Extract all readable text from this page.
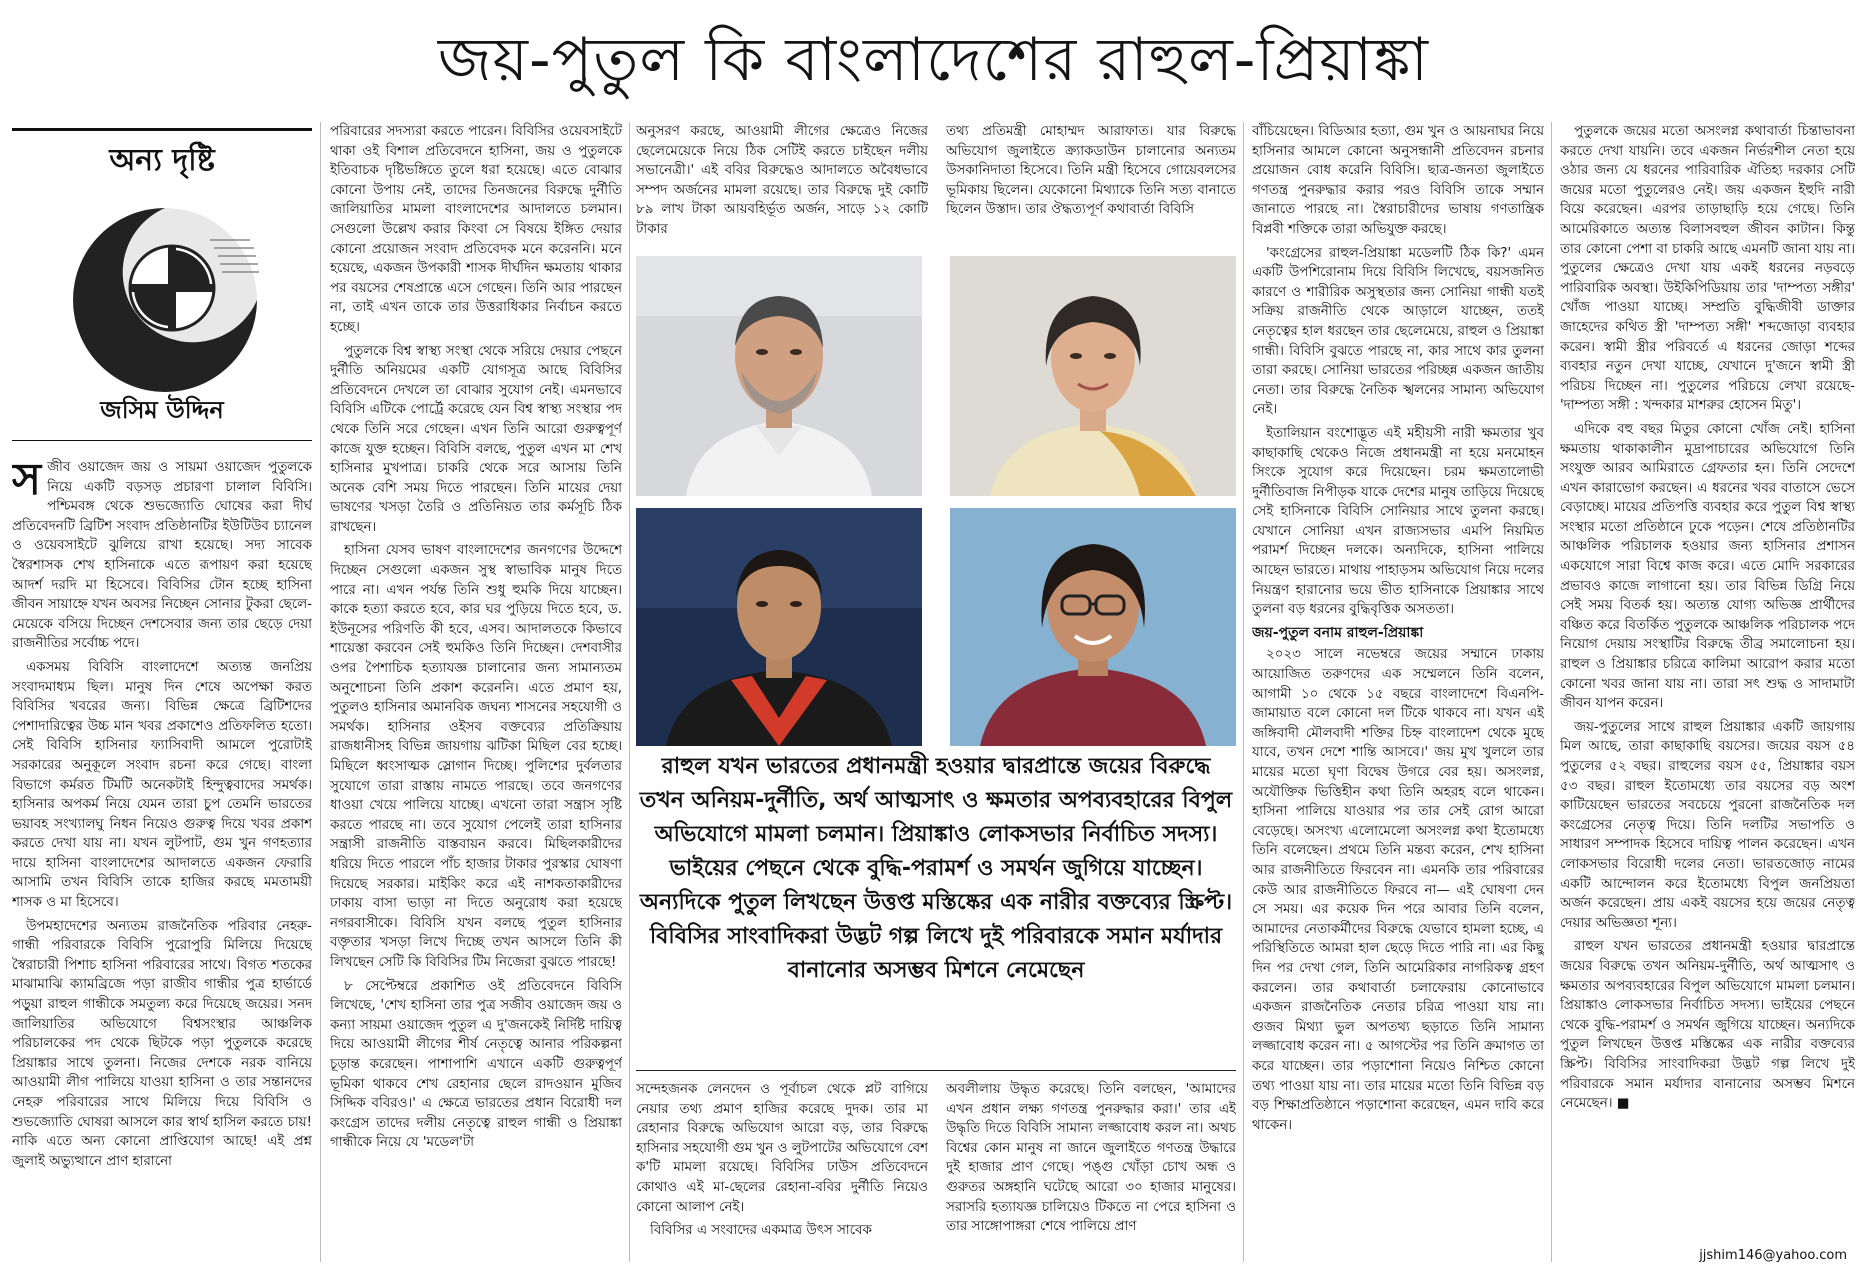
জয়-পুতুল কি বাংলাদেশের রাহুল-প্রিয়াঙ্কা
অন্য দৃষ্টি
জসিম উদ্দিন

সজীব ওয়াজেদ জয় ও সায়মা ওয়াজেদ পুতুলকে নিয়ে একটি বড়সড় প্রচারণা চালাল বিবিসি। পশ্চিমবঙ্গ থেকে শুভজ্যোতি ঘোষের করা দীর্ঘ প্রতিবেদনটি ব্রিটিশ সংবাদ প্রতিষ্ঠানটির ইউটিউব চ্যানেল ও ওয়েবসাইটে ঝুলিয়ে রাখা হয়েছে। সদ্য সাবেক স্বৈরশাসক শেখ হাসিনাকে এতে রূপায়ণ করা হয়েছে আদর্শ দরদি মা হিসেবে। বিবিসির টোন হচ্ছে হাসিনা জীবন সায়াহ্নে যখন অবসর নিচ্ছেন সোনার টুকরা ছেলে-মেয়েকে বসিয়ে দিচ্ছেন দেশসেবার জন্য তার ছেড়ে দেয়া রাজনীতির সর্বোচ্চ পদে।

একসময় বিবিসি বাংলাদেশে অত্যন্ত জনপ্রিয় সংবাদমাধ্যম ছিল। মানুষ দিন শেষে অপেক্ষা করত বিবিসির খবরের জন্য। বিভিন্ন ক্ষেত্রে ব্রিটিশদের পেশাদারিত্বের উচ্চ মান খবর প্রকাশেও প্রতিফলিত হতো। সেই বিবিসি হাসিনার ফ্যাসিবাদী আমলে পুরোটাই সরকারের অনুকূলে সংবাদ রচনা করে গেছে। বাংলা বিভাগে কর্মরত টিমটি অনেকটাই হিন্দুত্ববাদের সমর্থক। হাসিনার অপকর্ম নিয়ে যেমন তারা চুপ তেমনি ভারতের ভয়াবহ সংখ্যালঘু নিধন নিয়েও গুরুত্ব দিয়ে খবর প্রকাশ করতে দেখা যায় না। যখন লুটপাট, গুম খুন গণহত্যার দায়ে হাসিনা বাংলাদেশের আদালতে একজন ফেরারি আসামি তখন বিবিসি তাকে হাজির করছে মমতাময়ী শাসক ও মা হিসেবে।

উপমহাদেশের অন্যতম রাজনৈতিক পরিবার নেহরু-গান্ধী পরিবারকে বিবিসি পুরোপুরি মিলিয়ে দিয়েছে স্বৈরাচারী পিশাচ হাসিনা পরিবারের সাথে। বিগত শতকের মাঝামাঝি ক্যামব্রিজে পড়া রাজীব গান্ধীর পুত্র হার্ভার্ডে পড়ুয়া রাহুল গান্ধীকে সমতুল্য করে দিয়েছে জয়ের। সনদ জালিয়াতির অভিযোগে বিশ্বসংস্থার আঞ্চলিক পরিচালকের পদ থেকে ছিটকে পড়া পুতুলকে করেছে প্রিয়াঙ্কার সাথে তুলনা। নিজের দেশকে নরক বানিয়ে আওয়ামী লীগ পালিয়ে যাওয়া হাসিনা ও তার সন্তানদের নেহরু পরিবারের সাথে মিলিয়ে দিয়ে বিবিসি ও শুভজ্যোতি ঘোষরা আসলে কার স্বার্থ হাসিল করতে চায়! নাকি এতে অন্য কোনো প্রাপ্তিযোগ আছে! এই প্রশ্ন জুলাই অভ্যুত্থানে প্রাণ হারানো

পরিবারের সদস্যরা করতে পারেন। বিবিসির ওয়েবসাইটে থাকা ওই বিশাল প্রতিবেদনে হাসিনা, জয় ও পুতুলকে ইতিবাচক দৃষ্টিভঙ্গিতে তুলে ধরা হয়েছে। এতে বোঝার কোনো উপায় নেই, তাদের তিনজনের বিরুদ্ধে দুর্নীতি জালিয়াতির মামলা বাংলাদেশের আদালতে চলমান। সেগুলো উল্লেখ করার কিংবা সে বিষয়ে ইঙ্গিত দেয়ার কোনো প্রয়োজন সংবাদ প্রতিবেদক মনে করেননি। মনে হয়েছে, একজন উপকারী শাসক দীর্ঘদিন ক্ষমতায় থাকার পর বয়সের শেষপ্রান্তে এসে গেছেন। তিনি আর পারছেন না, তাই এখন তাকে তার উত্তরাধিকার নির্বাচন করতে হচ্ছে।

পুতুলকে বিশ্ব স্বাস্থ্য সংস্থা থেকে সরিয়ে দেয়ার পেছনে দুর্নীতি অনিয়মের একটি যোগসূত্র আছে বিবিসির প্রতিবেদনে দেখলে তা বোঝার সুযোগ নেই। এমনভাবে বিবিসি এটিকে পোর্ট্রে করেছে যেন বিশ্ব স্বাস্থ্য সংস্থার পদ থেকে তিনি সরে গেছেন। এখন তিনি আরো গুরুত্বপূর্ণ কাজে যুক্ত হচ্ছেন। বিবিসি বলছে, পুতুল এখন মা শেখ হাসিনার মুখপাত্র। চাকরি থেকে সরে আসায় তিনি অনেক বেশি সময় দিতে পারছেন। তিনি মায়ের দেয়া ভাষণের খসড়া তৈরি ও প্রতিনিয়ত তার কর্মসূচি ঠিক রাখছেন।

হাসিনা যেসব ভাষণ বাংলাদেশের জনগণের উদ্দেশে দিচ্ছেন সেগুলো একজন সুস্থ স্বাভাবিক মানুষ দিতে পারে না। এখন পর্যন্ত তিনি শুধু হুমকি দিয়ে যাচ্ছেন। কাকে হত্যা করতে হবে, কার ঘর পুড়িয়ে দিতে হবে, ড. ইউনূসের পরিণতি কী হবে, এসব। আদালতকে কিভাবে শায়েস্তা করবেন সেই হুমকিও তিনি দিচ্ছেন। দেশবাসীর ওপর পৈশাচিক হত্যাযজ্ঞ চালানোর জন্য সামান্যতম অনুশোচনা তিনি প্রকাশ করেননি। এতে প্রমাণ হয়, পুতুলও হাসিনার অমানবিক জঘন্য শাসনের সহযোগী ও সমর্থক। হাসিনার ওইসব বক্তব্যের প্রতিক্রিয়ায় রাজধানীসহ বিভিন্ন জায়গায় ঝটিকা মিছিল বের হচ্ছে। মিছিলে ধ্বংসাত্মক স্লোগান দিচ্ছে। পুলিশের দুর্বলতার সুযোগে তারা রাস্তায় নামতে পারছে। তবে জনগণের ধাওয়া খেয়ে পালিয়ে যাচ্ছে। এখনো তারা সন্ত্রাস সৃষ্টি করতে পারছে না। তবে সুযোগ পেলেই তারা হাসিনার সন্ত্রাসী রাজনীতি বাস্তবায়ন করবে। মিছিলকারীদের ধরিয়ে দিতে পারলে পাঁচ হাজার টাকার পুরস্কার ঘোষণা দিয়েছে সরকার। মাইকিং করে এই নাশকতাকারীদের ঢাকায় বাসা ভাড়া না দিতে অনুরোধ করা হয়েছে নগরবাসীকে। বিবিসি যখন বলছে পুতুল হাসিনার বক্তৃতার খসড়া লিখে দিচ্ছে তখন আসলে তিনি কী লিখছেন সেটি কি বিবিসির টিম নিজেরা বুঝতে পারছে!

৮ সেপ্টেম্বরে প্রকাশিত ওই প্রতিবেদনে বিবিসি লিখেছে, 'শেখ হাসিনা তার পুত্র সজীব ওয়াজেদ জয় ও কন্যা সায়মা ওয়াজেদ পুতুল এ দু'জনকেই নির্দিষ্ট দায়িত্ব দিয়ে আওয়ামী লীগের শীর্ষ নেতৃত্বে আনার পরিকল্পনা চূড়ান্ত করেছেন। পাশাপাশি এখানে একটি গুরুত্বপূর্ণ ভূমিকা থাকবে শেখ রেহানার ছেলে রাদওয়ান মুজিব সিদ্দিক ববিরও।' এ ক্ষেত্রে ভারতের প্রধান বিরোধী দল কংগ্রেস তাদের দলীয় নেতৃত্বে রাহুল গান্ধী ও প্রিয়াঙ্কা গান্ধীকে নিয়ে যে 'মডেল'টা

অনুসরণ করছে, আওয়ামী লীগের ক্ষেত্রেও নিজের ছেলেমেয়েকে নিয়ে ঠিক সেটিই করতে চাইছেন দলীয় সভানেত্রী।' এই ববির বিরুদ্ধেও আদালতে অবৈধভাবে সম্পদ অর্জনের মামলা রয়েছে। তার বিরুদ্ধে দুই কোটি ৮৯ লাখ টাকা আয়বহির্ভূত অর্জন, সাড়ে ১২ কোটি টাকার

তথ্য প্রতিমন্ত্রী মোহাম্মদ আরাফাত। যার বিরুদ্ধে অভিযোগ জুলাইতে ক্র্যাকডাউন চালানোর অন্যতম উসকানিদাতা হিসেবে। তিনি মন্ত্রী হিসেবে গোয়েবলসের ভূমিকায় ছিলেন। যেকোনো মিথ্যাকে তিনি সত্য বানাতে ছিলেন উস্তাদ। তার ঔদ্ধত্যপূর্ণ কথাবার্তা বিবিসি

রাহুল যখন ভারতের প্রধানমন্ত্রী হওয়ার দ্বারপ্রান্তে জয়ের বিরুদ্ধে তখন অনিয়ম-দুর্নীতি, অর্থ আত্মসাৎ ও ক্ষমতার অপব্যবহারের বিপুল অভিযোগে মামলা চলমান। প্রিয়াঙ্কাও লোকসভার নির্বাচিত সদস্য। ভাইয়ের পেছনে থেকে বুদ্ধি-পরামর্শ ও সমর্থন জুগিয়ে যাচ্ছেন। অন্যদিকে পুতুল লিখছেন উত্তপ্ত মস্তিষ্কের এক নারীর বক্তব্যের স্ক্রিপ্ট। বিবিসির সাংবাদিকরা উদ্ভট গল্প লিখে দুই পরিবারকে সমান মর্যাদার বানানোর অসম্ভব মিশনে নেমেছেন

সন্দেহজনক লেনদেন ও পূর্বাচল থেকে প্লট বাগিয়ে নেয়ার তথ্য প্রমাণ হাজির করেছে দুদক। তার মা রেহানার বিরুদ্ধে অভিযোগ আরো বড়, তার বিরুদ্ধে হাসিনার সহযোগী গুম খুন ও লুটপাটের অভিযোগে বেশ ক'টি মামলা রয়েছে। বিবিসির ঢাউস প্রতিবেদনে কোথাও এই মা-ছেলের রেহানা-ববির দুর্নীতি নিয়েও কোনো আলাপ নেই।

বিবিসির এ সংবাদের একমাত্র উৎস সাবেক

অবলীলায় উদ্ধৃত করেছে। তিনি বলছেন, 'আমাদের এখন প্রধান লক্ষ্য গণতন্ত্র পুনরুদ্ধার করা।' তার এই উদ্ধৃতি দিতে বিবিসি সামান্য লজ্জাবোধ করল না। অথচ বিশ্বের কোন মানুষ না জানে জুলাইতে গণতন্ত্র উদ্ধারে দুই হাজার প্রাণ গেছে। পঙ্গু খোঁড়া চোখ অন্ধ ও গুরুতর অঙ্গহানি ঘটেছে আরো ৩০ হাজার মানুষের। সরাসরি হত্যাযজ্ঞ চালিয়েও টিকতে না পেরে হাসিনা ও তার সাঙ্গোপাঙ্গরা শেষে পালিয়ে প্রাণ

বাঁচিয়েছেন। বিডিআর হত্যা, গুম খুন ও আয়নাঘর নিয়ে হাসিনার আমলে কোনো অনুসন্ধানী প্রতিবেদন রচনার প্রয়োজন বোধ করেনি বিবিসি। ছাত্র-জনতা জুলাইতে গণতন্ত্র পুনরুদ্ধার করার পরও বিবিসি তাকে সম্মান জানাতে পারছে না। স্বৈরাচারীদের ভাষায় গণতান্ত্রিক বিপ্লবী শক্তিকে তারা অভিযুক্ত করছে।

'কংগ্রেসের রাহুল-প্রিয়াঙ্কা মডেলটি ঠিক কি?' এমন একটি উপশিরোনাম দিয়ে বিবিসি লিখেছে, বয়সজনিত কারণে ও শারীরিক অসুস্থতার জন্য সোনিয়া গান্ধী যতই সক্রিয় রাজনীতি থেকে আড়ালে যাচ্ছেন, ততই নেতৃত্বের হাল ধরছেন তার ছেলেমেয়ে, রাহুল ও প্রিয়াঙ্কা গান্ধী। বিবিসি বুঝতে পারছে না, কার সাথে কার তুলনা তারা করছে। সোনিয়া ভারতের পরিচ্ছন্ন একজন জাতীয় নেতা। তার বিরুদ্ধে নৈতিক স্খলনের সামান্য অভিযোগ নেই।

ইতালিয়ান বংশোদ্ভূত এই মহীয়সী নারী ক্ষমতার খুব কাছাকাছি থেকেও নিজে প্রধানমন্ত্রী না হয়ে মনমোহন সিংকে সুযোগ করে দিয়েছেন। চরম ক্ষমতালোভী দুর্নীতিবাজ নিপীড়ক যাকে দেশের মানুষ তাড়িয়ে দিয়েছে সেই হাসিনাকে বিবিসি সোনিয়ার সাথে তুলনা করছে। যেখানে সোনিয়া এখন রাজ্যসভার এমপি নিয়মিত পরামর্শ দিচ্ছেন দলকে। অন্যদিকে, হাসিনা পালিয়ে আছেন ভারতে। মাথায় পাহাড়সম অভিযোগ নিয়ে দলের নিয়ন্ত্রণ হারানোর ভয়ে ভীত হাসিনাকে প্রিয়াঙ্কার সাথে তুলনা বড় ধরনের বুদ্ধিবৃত্তিক অসততা।

জয়-পুতুল বনাম রাহুল-প্রিয়াঙ্কা

২০২৩ সালে নভেম্বরে জয়ের সম্মানে ঢাকায় আয়োজিত তরুণদের এক সম্মেলনে তিনি বলেন, আগামী ১০ থেকে ১৫ বছরে বাংলাদেশে বিএনপি-জামায়াত বলে কোনো দল টিকে থাকবে না। যখন এই জঙ্গিবাদী মৌলবাদী শক্তির চিহ্ন বাংলাদেশ থেকে মুছে যাবে, তখন দেশে শান্তি আসবে।' জয় মুখ খুললে তার মায়ের মতো ঘৃণা বিদ্বেষ উগরে বের হয়। অসংলগ্ন, অযৌক্তিক ভিত্তিহীন কথা তিনি অহরহ বলে থাকেন। হাসিনা পালিয়ে যাওয়ার পর তার সেই রোগ আরো বেড়েছে। অসংখ্য এলোমেলো অসংলগ্ন কথা ইতোমধ্যে তিনি বলেছেন। প্রথমে তিনি মন্তব্য করেন, শেখ হাসিনা আর রাজনীতিতে ফিরবেন না। এমনকি তার পরিবারের কেউ আর রাজনীতিতে ফিরবে না— এই ঘোষণা দেন সে সময়। এর কয়েক দিন পরে আবার তিনি বলেন, আমাদের নেতাকর্মীদের বিরুদ্ধে যেভাবে হামলা হচ্ছে, এ পরিস্থিতিতে আমরা হাল ছেড়ে দিতে পারি না। এর কিছু দিন পর দেখা গেল, তিনি আমেরিকার নাগরিকত্ব গ্রহণ করলেন। তার কথাবার্তা চলাফেরায় কোনোভাবে একজন রাজনৈতিক নেতার চরিত্র পাওয়া যায় না। গুজব মিথ্যা ভুল অপতথ্য ছড়াতে তিনি সামান্য লজ্জাবোধ করেন না। ৫ আগস্টের পর তিনি ক্রমাগত তা করে যাচ্ছেন। তার পড়াশোনা নিয়েও নিশ্চিত কোনো তথ্য পাওয়া যায় না। তার মায়ের মতো তিনি বিভিন্ন বড় বড় শিক্ষাপ্রতিষ্ঠানে পড়াশোনা করেছেন, এমন দাবি করে থাকেন।

পুতুলকে জয়ের মতো অসংলগ্ন কথাবার্তা চিন্তাভাবনা করতে দেখা যায়নি। তবে একজন নির্ভরশীল নেতা হয়ে ওঠার জন্য যে ধরনের পারিবারিক ঐতিহ্য দরকার সেটি জয়ের মতো পুতুলেরও নেই। জয় একজন ইহুদি নারী বিয়ে করেছেন। এরপর তাড়াছাড়ি হয়ে গেছে। তিনি আমেরিকাতে অত্যন্ত বিলাসবহুল জীবন কাটান। কিন্তু তার কোনো পেশা বা চাকরি আছে এমনটি জানা যায় না। পুতুলের ক্ষেত্রেও দেখা যায় একই ধরনের নড়বড়ে পারিবারিক অবস্থা। উইকিপিডিয়ায় তার 'দাম্পত্য সঙ্গীর' খোঁজ পাওয়া যাচ্ছে। সম্প্রতি বুদ্ধিজীবী ডাক্তার জাহেদের কথিত স্ত্রী 'দাম্পত্য সঙ্গী' শব্দজোড়া ব্যবহার করেন। স্বামী স্ত্রীর পরিবর্তে এ ধরনের জোড়া শব্দের ব্যবহার নতুন দেখা যাচ্ছে, যেখানে দু'জনে স্বামী স্ত্রী পরিচয় দিচ্ছেন না। পুতুলের পরিচয়ে লেখা রয়েছে- 'দাম্পত্য সঙ্গী : খন্দকার মাশরুর হোসেন মিতু'।

এদিকে বহু বছর মিতুর কোনো খোঁজ নেই। হাসিনা ক্ষমতায় থাকাকালীন মুদ্রাপাচারের অভিযোগে তিনি সংযুক্ত আরব আমিরাতে গ্রেফতার হন। তিনি সেদেশে এখন কারাভোগ করছেন। এ ধরনের খবর বাতাসে ভেসে বেড়াচ্ছে। মায়ের প্রতিপত্তি ব্যবহার করে পুতুল বিশ্ব স্বাস্থ্য সংস্থার মতো প্রতিষ্ঠানে ঢুকে পড়েন। শেষে প্রতিষ্ঠানটির আঞ্চলিক পরিচালক হওয়ার জন্য হাসিনার প্রশাসন একযোগে সারা বিশ্বে কাজ করে। এতে মোদি সরকারের প্রভাবও কাজে লাগানো হয়। তার বিভিন্ন ডিগ্রি নিয়ে সেই সময় বিতর্ক হয়। অত্যন্ত যোগ্য অভিজ্ঞ প্রার্থীদের বঞ্চিত করে বিতর্কিত পুতুলকে আঞ্চলিক পরিচালক পদে নিয়োগ দেয়ায় সংস্থাটির বিরুদ্ধে তীব্র সমালোচনা হয়। রাহুল ও প্রিয়াঙ্কার চরিত্রে কালিমা আরোপ করার মতো কোনো খবর জানা যায় না। তারা সৎ শুদ্ধ ও সাদামাটা জীবন যাপন করেন।

জয়-পুতুলের সাথে রাহুল প্রিয়াঙ্কার একটি জায়গায় মিল আছে, তারা কাছাকাছি বয়সের। জয়ের বয়স ৫৪ পুতুলের ৫২ বছর। রাহুলের বয়স ৫৫, প্রিয়াঙ্কার বয়স ৫৩ বছর। রাহুল ইতোমধ্যে তার বয়সের বড় অংশ কাটিয়েছেন ভারতের সবচেয়ে পুরনো রাজনৈতিক দল কংগ্রেসের নেতৃত্ব দিয়ে। তিনি দলটির সভাপতি ও সাধারণ সম্পাদক হিসেবে দায়িত্ব পালন করেছেন। এখন লোকসভার বিরোধী দলের নেতা। ভারতজোড় নামের একটি আন্দোলন করে ইতোমধ্যে বিপুল জনপ্রিয়তা অর্জন করেছেন। প্রায় একই বয়সের হয়ে জয়ের নেতৃত্ব দেয়ার অভিজ্ঞতা শূন্য।

রাহুল যখন ভারতের প্রধানমন্ত্রী হওয়ার দ্বারপ্রান্তে জয়ের বিরুদ্ধে তখন অনিয়ম-দুর্নীতি, অর্থ আত্মসাৎ ও ক্ষমতার অপব্যবহারের বিপুল অভিযোগে মামলা চলমান। প্রিয়াঙ্কাও লোকসভার নির্বাচিত সদস্য। ভাইয়ের পেছনে থেকে বুদ্ধি-পরামর্শ ও সমর্থন জুগিয়ে যাচ্ছেন। অন্যদিকে পুতুল লিখছেন উত্তপ্ত মস্তিষ্কের এক নারীর বক্তব্যের স্ক্রিপ্ট। বিবিসির সাংবাদিকরা উদ্ভট গল্প লিখে দুই পরিবারকে সমান মর্যাদার বানানোর অসম্ভব মিশনে নেমেছেন। ■

jjshim146@yahoo.com
